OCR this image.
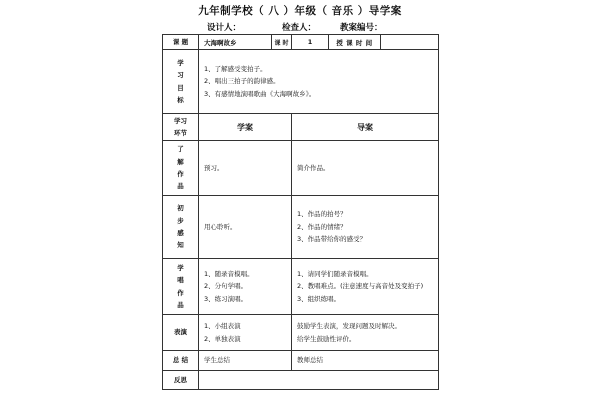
九年制学校（ 八 ）年级（ 音乐 ）导学案
设计人：	检查人：	教案编号：
课 题	大海啊故乡	课 时	1	授 课 时 间	

学
习
目
标	1、了解感受变拍子。
2、唱出三拍子的韵律感。
3、有感情地演唱歌曲《大海啊故乡》。				

学习
环节	学案		导案		

了
解
作
品	预习。		简介作品。		

初
步
感
知	用心聆听。		1、作品的拍号？
2、作品的情绪？
3、作品带给你的感受？		

学
唱
作
品	1、随录音模唱。
2、分句学唱。
3、练习演唱。		1、请同学们随录音模唱。
2、教唱难点。(注意速度与高音处及变拍子)
3、组织练唱。		

表演	1、小组表演
2、单独表演		鼓励学生表演，发现问题及时解决。
给学生鼓励性评价。		

总 结	学生总结		教师总结		

反思					
